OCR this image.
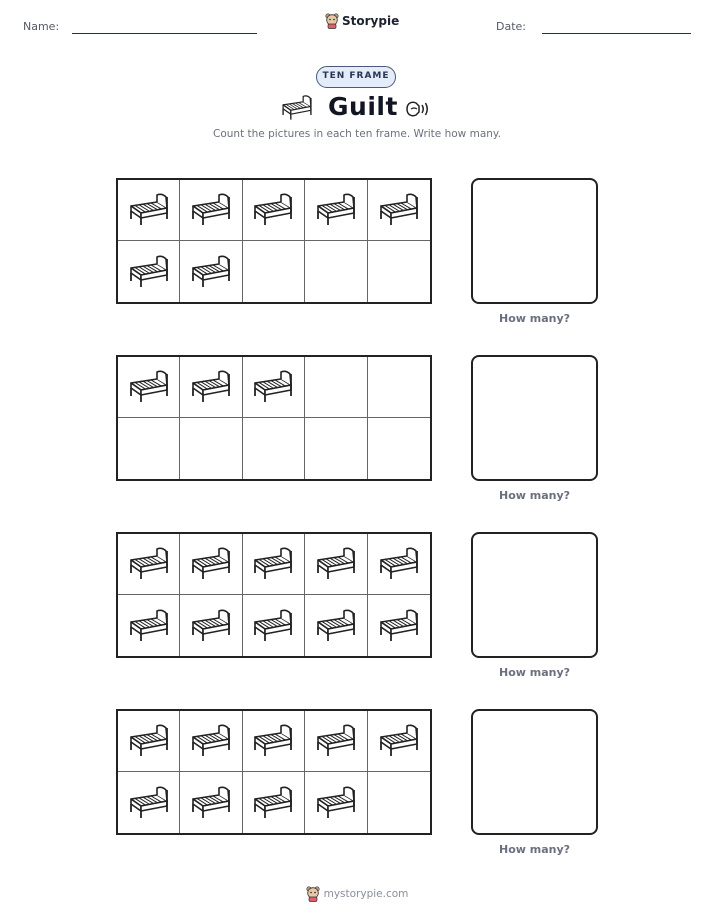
Name:	Storypie	Date:
TEN FRAME
Guilt
Count the pictures in each ten frame. Write how many.
How many?
How many?
How many?
How many?
mystorypie.com
